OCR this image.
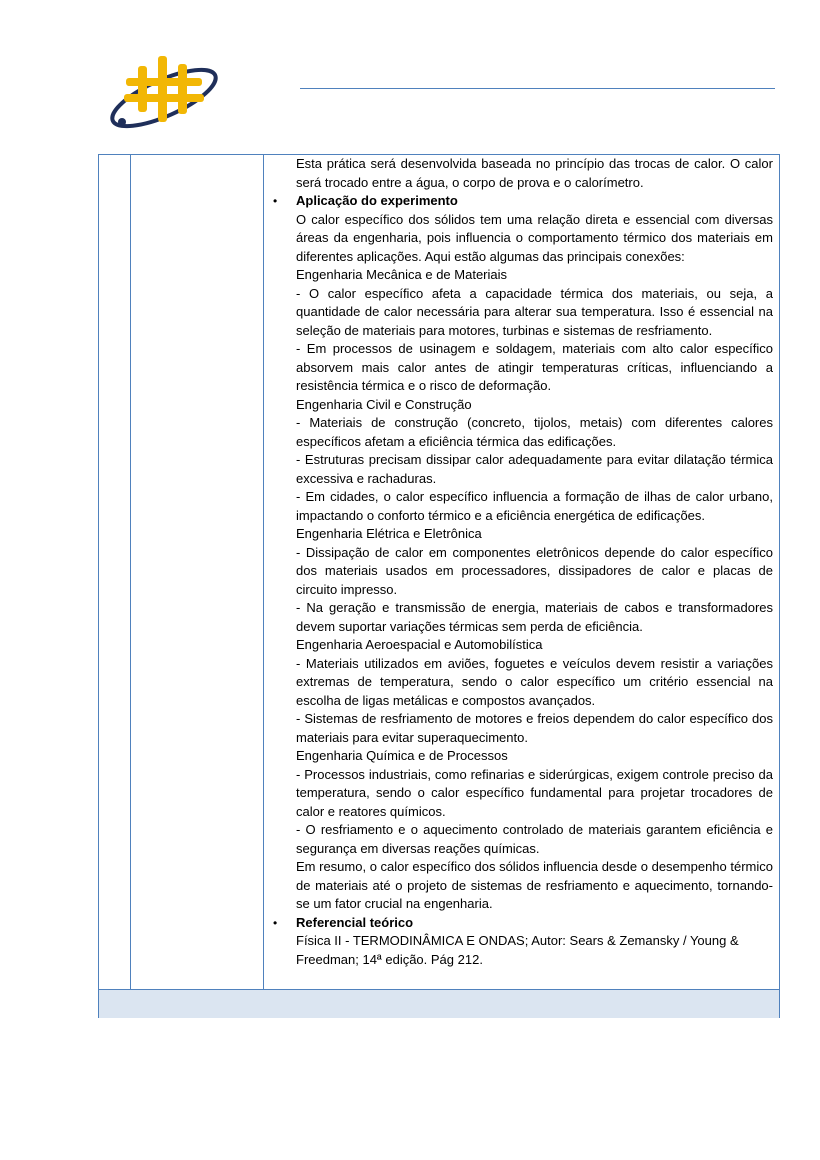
Esta prática será desenvolvida baseada no princípio das trocas de calor. O calor será trocado entre a água, o corpo de prova e o calorímetro.

• Aplicação do experimento

O calor específico dos sólidos tem uma relação direta e essencial com diversas áreas da engenharia, pois influencia o comportamento térmico dos materiais em diferentes aplicações. Aqui estão algumas das principais conexões:

Engenharia Mecânica e de Materiais

- O calor específico afeta a capacidade térmica dos materiais, ou seja, a quantidade de calor necessária para alterar sua temperatura. Isso é essencial na seleção de materiais para motores, turbinas e sistemas de resfriamento.

- Em processos de usinagem e soldagem, materiais com alto calor específico absorvem mais calor antes de atingir temperaturas críticas, influenciando a resistência térmica e o risco de deformação.

Engenharia Civil e Construção

- Materiais de construção (concreto, tijolos, metais) com diferentes calores específicos afetam a eficiência térmica das edificações.

- Estruturas precisam dissipar calor adequadamente para evitar dilatação térmica excessiva e rachaduras.

- Em cidades, o calor específico influencia a formação de ilhas de calor urbano, impactando o conforto térmico e a eficiência energética de edificações.

Engenharia Elétrica e Eletrônica

- Dissipação de calor em componentes eletrônicos depende do calor específico dos materiais usados em processadores, dissipadores de calor e placas de circuito impresso.

- Na geração e transmissão de energia, materiais de cabos e transformadores devem suportar variações térmicas sem perda de eficiência.

Engenharia Aeroespacial e Automobilística

- Materiais utilizados em aviões, foguetes e veículos devem resistir a variações extremas de temperatura, sendo o calor específico um critério essencial na escolha de ligas metálicas e compostos avançados.

- Sistemas de resfriamento de motores e freios dependem do calor específico dos materiais para evitar superaquecimento.

Engenharia Química e de Processos

- Processos industriais, como refinarias e siderúrgicas, exigem controle preciso da temperatura, sendo o calor específico fundamental para projetar trocadores de calor e reatores químicos.

- O resfriamento e o aquecimento controlado de materiais garantem eficiência e segurança em diversas reações químicas.

Em resumo, o calor específico dos sólidos influencia desde o desempenho térmico de materiais até o projeto de sistemas de resfriamento e aquecimento, tornando-se um fator crucial na engenharia.

• Referencial teórico

Física II - TERMODINÂMICA E ONDAS; Autor: Sears & Zemansky / Young & Freedman; 14ª edição. Pág 212.
